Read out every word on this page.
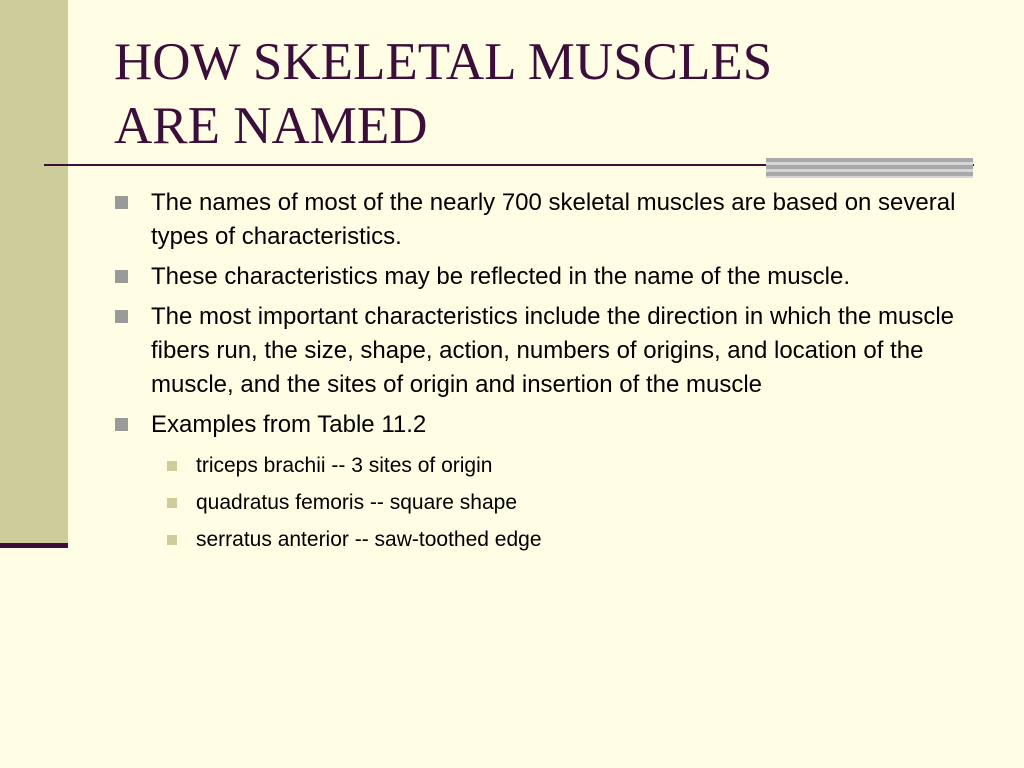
HOW SKELETAL MUSCLES
ARE NAMED
The names of most of the nearly 700 skeletal muscles are based on several types of characteristics.
These characteristics may be reflected in the name of the muscle.
The most important characteristics include the direction in which the muscle fibers run, the size, shape, action, numbers of origins, and location of the muscle, and the sites of origin and insertion of the muscle
Examples from Table 11.2
triceps brachii -- 3 sites of origin
quadratus femoris -- square shape
serratus anterior -- saw-toothed edge
